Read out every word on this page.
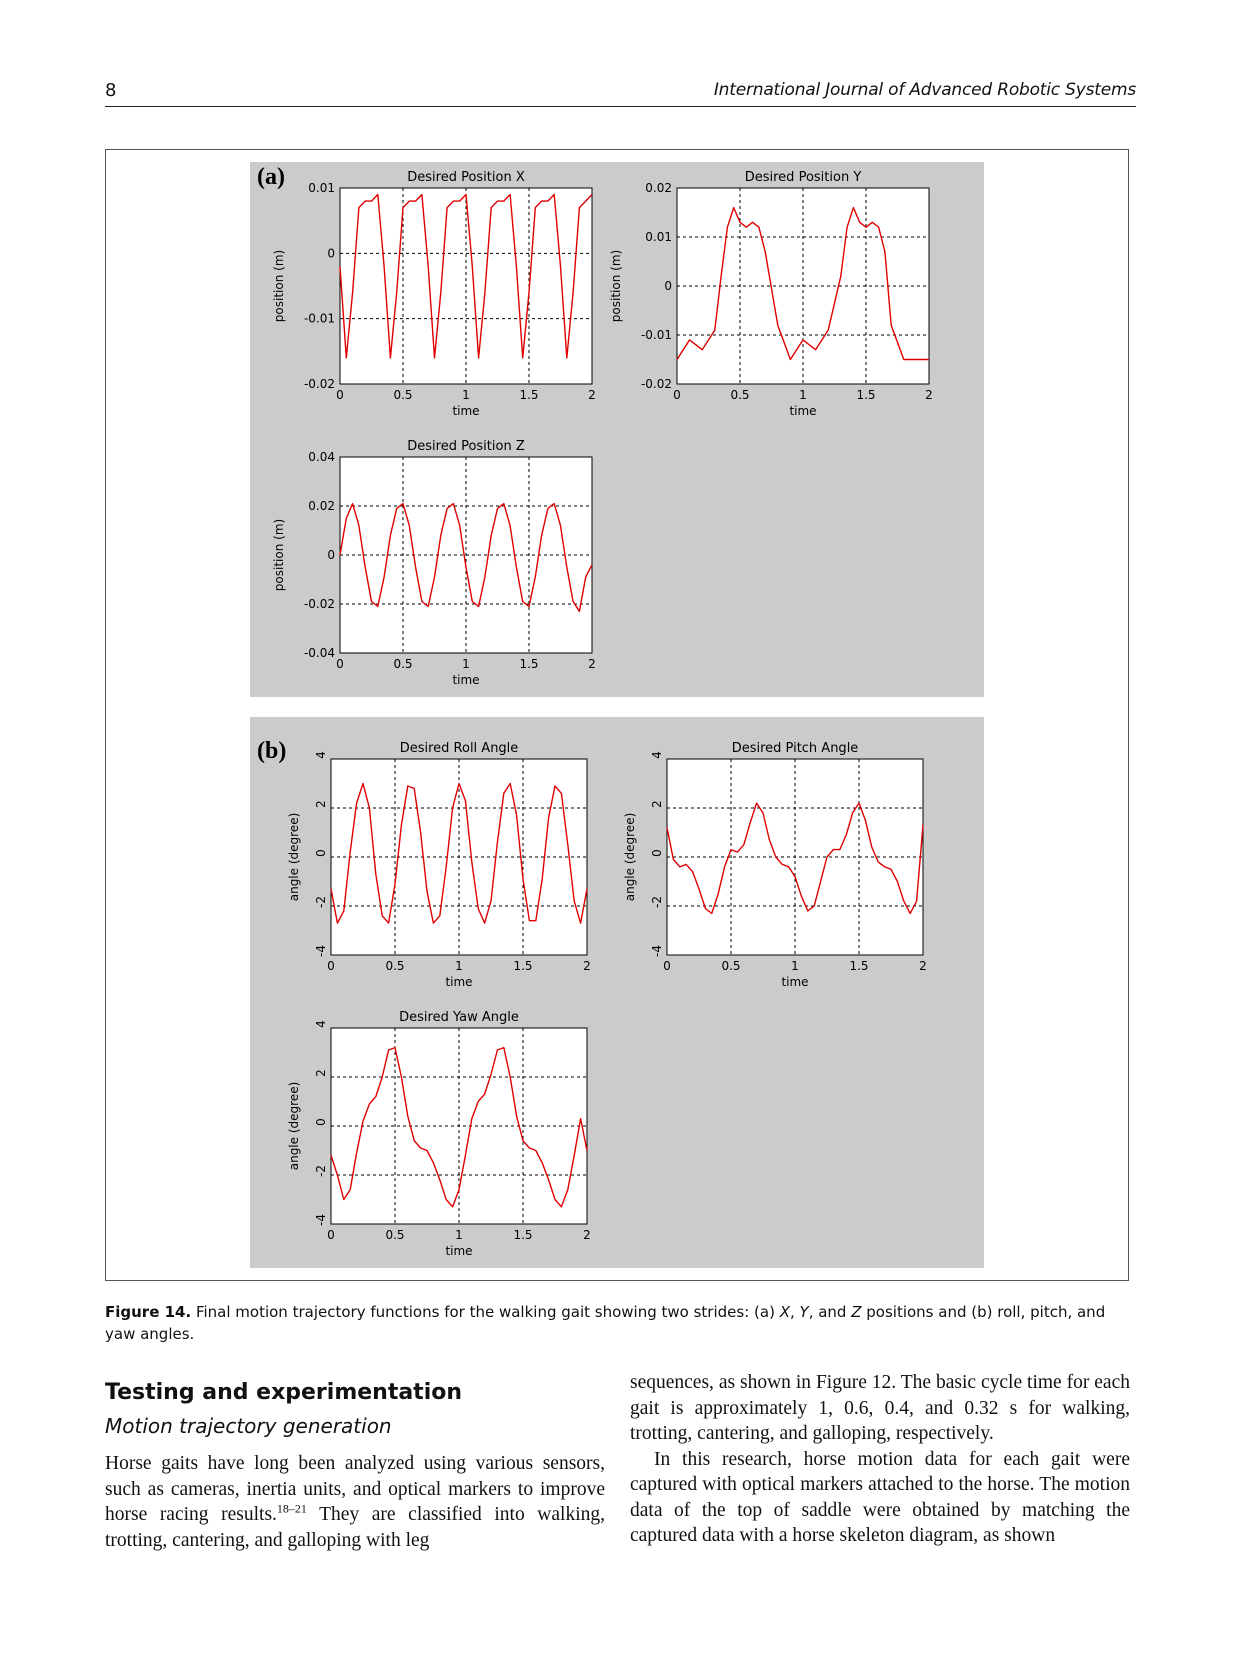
8	International Journal of Advanced Robotic Systems
0	0.5	1	1.5	2
0.01
0
-0.01
-0.02
Desired Position X
time
position (m)
0	0.5	1	1.5	2
0.02
0.01
0
-0.01
-0.02
Desired Position Y
time
position (m)
0	0.5	1	1.5	2
0.04
0.02
0
-0.02
-0.04
Desired Position Z
time
position (m)
0	0.5	1	1.5	2
4
2
0
-2
-4
Desired Roll Angle
time
angle (degree)
0	0.5	1	1.5	2
4
2
0
-2
-4
Desired Pitch Angle
time
angle (degree)
0	0.5	1	1.5	2
4
2
0
-2
-4
Desired Yaw Angle
time
angle (degree)
(a)
(b)
Figure 14. Final motion trajectory functions for the walking gait showing two strides: (a) X, Y, and Z positions and (b) roll, pitch, and yaw angles.
Testing and experimentation
Motion trajectory generation

Horse gaits have long been analyzed using various sensors, such as cameras, inertia units, and optical markers to improve horse racing results.$^{18-21}$ They are classified into walking, trotting, cantering, and galloping with leg

sequences, as shown in Figure 12. The basic cycle time for each gait is approximately 1, 0.6, 0.4, and 0.32 s for walking, trotting, cantering, and galloping, respectively.

In this research, horse motion data for each gait were captured with optical markers attached to the horse. The motion data of the top of saddle were obtained by matching the captured data with a horse skeleton diagram, as shown
